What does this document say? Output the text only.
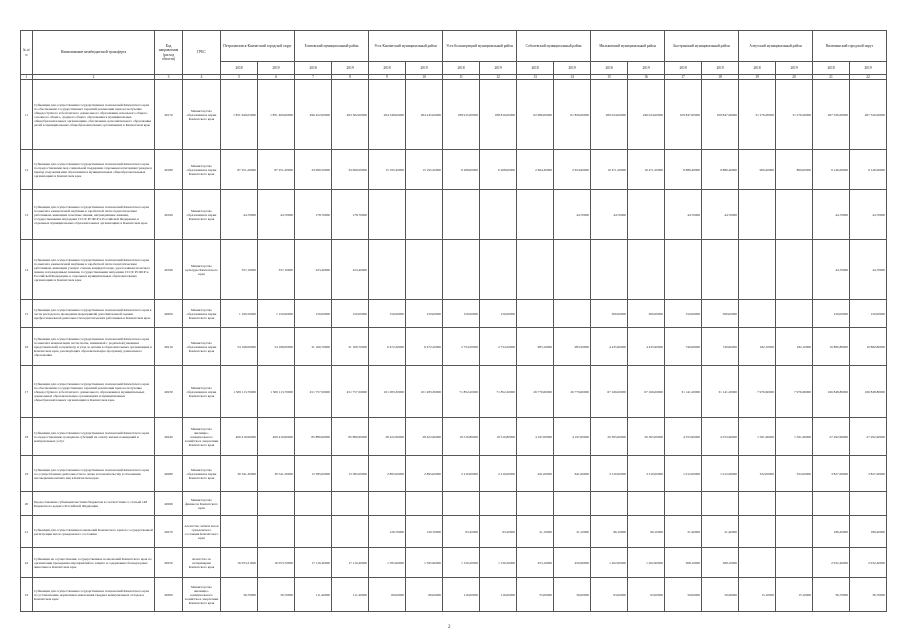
№ п/п	Наименование межбюджетной трансферта	Код направления (расход области)	ГРБС	Петропавловск-Камчатский городской округ		Елизовский муниципальный район		Усть-Камчатский муниципальный район		Усть-Большерецкий муниципальный район		Соболевский муниципальный район		Мильковский муниципальный район		Быстринский муниципальный район		Алеутский муниципальный район		Вилючинский городской округ	
				2018	2019	2018	2019	2018	2019	2018	2019	2018	2019	2018	2019	2018	2019	2018	2019	2018	2019
1	2	3	4	5	6	7	8	9	10	11	12	13	14	15	16	17	18	19	20	21	22
11	Субвенции для осуществления государственных полномочий Камчатского края по обеспечению государственных гарантий реализации прав на получение общедоступного и бесплатного дошкольного образования, начального общего, основного общего, среднего общего образования в муниципальных общеобразовательных организациях, обеспечение дополнительного образования детей в муниципальных общеобразовательных организациях в Камчатском крае	40170	Министерство образования и науки Камчатского края	1 851 940,05000	1 851 406,00000	496 452,00000	493 362,00000	264 348,00000	264 245,00000	188 915,00000	188 816,00000	62 986,00000	61 856,00000	266 024,00000	246 024,00000	109 847,00000	109 847,00000	31 276,00000	31 276,00000	267 526,00000	267 526,00000
12	Субвенции для осуществления государственных полномочий Камчатского края по предоставлению мер социальной поддержки отдельным категориям граждан в период получения ими образования в муниципальных общеобразовательных организациях в Камчатском крае	40180	Министерство образования и науки Камчатского края	87 251,20000	87 251,20000	34 990,50000	34 990,00000	15 195,20000	15 195,20000	6 208,00000	6 208,00000	2 664,30000	2 654,90000	10 471,20000	16 471,20000	9 889,40900	9 889,40900	909,40900	869,00000	9 149,00000	9 149,00000
13	Субвенции для осуществления государственных полномочий Камчатского края по выплате ежемесячной надбавки к заработной плате педагогическим работникам, имеющим почетные звания, награжденным знаками, государственными наградами СССР, РСФСР и Российской Федерации, в отдельных муниципальных образовательных организациях в Камчатском крае	40190	Министерство образования и науки Камчатского края	44,70000	44,70000	178,70000	178,70000						44,70000	44,70000		44,70000	44,70000			44,70000	44,70000
14	Субвенции для осуществления государственных полномочий Камчатского края по выплате ежемесячной надбавки к заработной плате педагогическим работникам, имеющим ученую степень кандидата наук, удостоенным почетного звания, награжденным знаками, государственными наградами СССР, РСФСР и Российской Федерации, в отдельных муниципальных образовательных организациях в Камчатском крае	40190	Министерство культуры Камчатского края	357,10000	357,10000	223,40000	223,40000													44,70000	44,70000
15	Субвенции для осуществления государственных полномочий Камчатского края в части расходов на проведение мероприятий дополнительной оценки профессиональной деятельности педагогических работников в Камчатском крае	40200	Министерство образования и науки Камчатского края	1 190,50000	1 150,00000	150,00000	150,00000	150,00000	150,00000	150,00000	150,00000			300,00000	300,00000	150,00000	300,00000			150,00000	150,00000
16	Субвенции для осуществления государственных полномочий Камчатского края по выплате компенсации части платы, взимаемой с родителей (законных представителей) за присмотр и уход за детьми в образовательных организациях в Камчатском крае, реализующих образовательную программу дошкольного образования	40210	Министерство образования и науки Камчатского края	54 168,00000	54 168,00000	31 160,70000	31 160,70000	6 472,20000	6 472,20000	2 754,50000	2 754,50000	983,10000	983,50000	4 435,90000	4 435,90000	740,60000	740,60000	182,10000	182,10000	10 860,80000	10 860,80000
17	Субвенции для осуществления государственных полномочий Камчатского края по обеспечению государственных гарантий реализации прав на получение общедоступного и бесплатного дошкольного образования в муниципальных дошкольных образовательных организациях и муниципальных общеобразовательных организациях в Камчатском крае	40230	Министерство образования и науки Камчатского края	1 309 113,70000	1 309 113,70000	451 757,50000	451 757,50000	101 283,30000	101 283,30000	71 852,20000	71 852,20000	26 779,60000	26 779,60000	67 166,00000	67 166,00000	31 141,20000	31 141,20000	7 976,60000	7 976,60000	166 848,80000	166 848,80000
18	Субвенции для осуществления государственных полномочий Камчатского края по предоставлению гражданам субсидий на оплату жилых помещений и коммунальных услуг	40240	Министерство жилищно-коммунального хозяйства и энергетики Камчатского края	409 419,90000	409 419,90000	85 880,90000	85 880,90000	28 422,90000	28 422,90000	19 510,80000	19 510,80000	4 197,00000	4 197,00000	20 365,00000	20 365,00000	4 553,90000	4 553,90000	1 561,90000	1 561,90000	27 292,90000	27 292,90000
19	Субвенции для осуществления государственных полномочий Камчатского края по осуществлению деятельности по опеке и попечительству в отношении несовершеннолетних лиц в Камчатском крае	40280	Министерство образования и науки Камчатского края	30 541,30000	30 541,30000	13 385,00000	13 385,00000	2 895,00000	2 895,00000	2 210,00000	2 210,00000	641,00000	641,00000	3 310,00000	3 310,00000	1 012,00000	1 012,00000	322,00000	322,00000	3 827,00000	3 827,00000
20	Предоставление субвенции местным бюджетам в соответствии со статьей 148 Бюджетного кодекса Российской Федерации	40290	Министерство финансов Камчатского края																		
21	Субвенции для осуществления полномочий Камчатского края по государственной регистрации актов гражданского состояния	40270	Агентство записи актов гражданского состояния Камчатского края					126,70000	126,70000	63,20000	63,20000	21,10000	21,10000	96,10000	96,10000	21,40000	21,40000			186,40000	186,40000
22	Субвенции на осуществление государственных полномочий Камчатского края по организации проведения мероприятий по защите и содержанию безнадзорных животных в Камчатском крае	40250	Агентство по ветеринарии Камчатского края	16 053,21000	16 053,70000	17 110,40000	17 110,40000	1 595,90000	1 595,90000	1 150,20000	1 150,20000	453,10000	450,90000	1 202,90000	1 202,90000	368,10000	368,10000			2 032,40000	2 032,40000
23	Субвенции для осуществления государственных полномочий Камчатского края по установлению нормативов накопления твердых коммунальных отходов в Камчатском крае	40300	Министерство жилищно-коммунального хозяйства и энергетики Камчатского края	36,70000	36,70000	111,40000	111,40000	66,00000	66,00000	116,00000	116,00000	55,00000	56,00000	63,00000	63,00000	59,00000	59,00000	15,10000	15,10000	36,70000	36,70000
2
